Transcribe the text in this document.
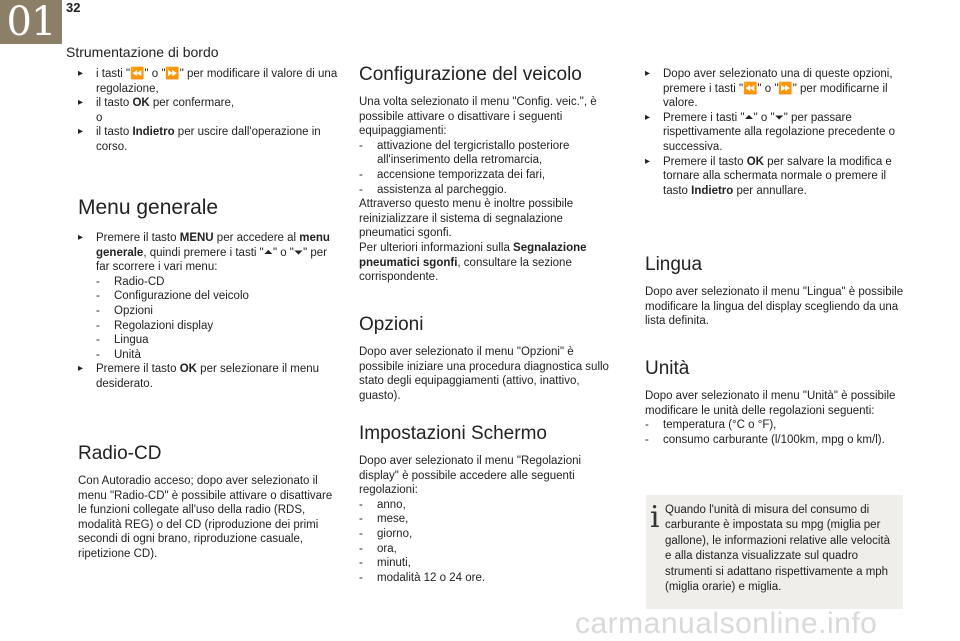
01 32
Strumentazione di bordo
▸ i tasti "⏪" o "⏩" per modificare il valore di una regolazione,
▸ il tasto OK per confermare,
o
▸ il tasto Indietro per uscire dall'operazione in corso.
Menu generale
▸ Premere il tasto MENU per accedere al menu generale, quindi premere i tasti "⏶" o "⏷" per far scorrere i vari menu:
- Radio-CD
- Configurazione del veicolo
- Opzioni
- Regolazioni display
- Lingua
- Unità
▸ Premere il tasto OK per selezionare il menu desiderato.
Radio-CD

Con Autoradio acceso; dopo aver selezionato il menu "Radio-CD" è possibile attivare o disattivare le funzioni collegate all'uso della radio (RDS, modalità REG) o del CD (riproduzione dei primi secondi di ogni brano, riproduzione casuale, ripetizione CD).

Configurazione del veicolo

Una volta selezionato il menu "Config. veic.", è possibile attivare o disattivare i seguenti equipaggiamenti:

- attivazione del tergicristallo posteriore all'inserimento della retromarcia,
- accensione temporizzata dei fari,
- assistenza al parcheggio.

Attraverso questo menu è inoltre possibile reinizializzare il sistema di segnalazione pneumatici sgonfi.

Per ulteriori informazioni sulla Segnalazione pneumatici sgonfi, consultare la sezione corrispondente.

Opzioni

Dopo aver selezionato il menu "Opzioni" è possibile iniziare una procedura diagnostica sullo stato degli equipaggiamenti (attivo, inattivo, guasto).

Impostazioni Schermo

Dopo aver selezionato il menu "Regolazioni display" è possibile accedere alle seguenti regolazioni:

- anno,
- mese,
- giorno,
- ora,
- minuti,
- modalità 12 o 24 ore.
▸ Dopo aver selezionato una di queste opzioni, premere i tasti "⏪" o "⏩" per modificarne il valore.
▸ Premere i tasti "⏶" o "⏷" per passare rispettivamente alla regolazione precedente o successiva.
▸ Premere il tasto OK per salvare la modifica e tornare alla schermata normale o premere il tasto Indietro per annullare.
Lingua

Dopo aver selezionato il menu "Lingua" è possibile modificare la lingua del display scegliendo da una lista definita.

Unità

Dopo aver selezionato il menu "Unità" è possibile modificare le unità delle regolazioni seguenti:

- temperatura (°C o °F),
- consumo carburante (l/100km, mpg o km/l).
i Quando l'unità di misura del consumo di carburante è impostata su mpg (miglia per gallone), le informazioni relative alle velocità e alla distanza visualizzate sul quadro strumenti si adattano rispettivamente a mph (miglia orarie) e miglia.

carmanualsonline.info
